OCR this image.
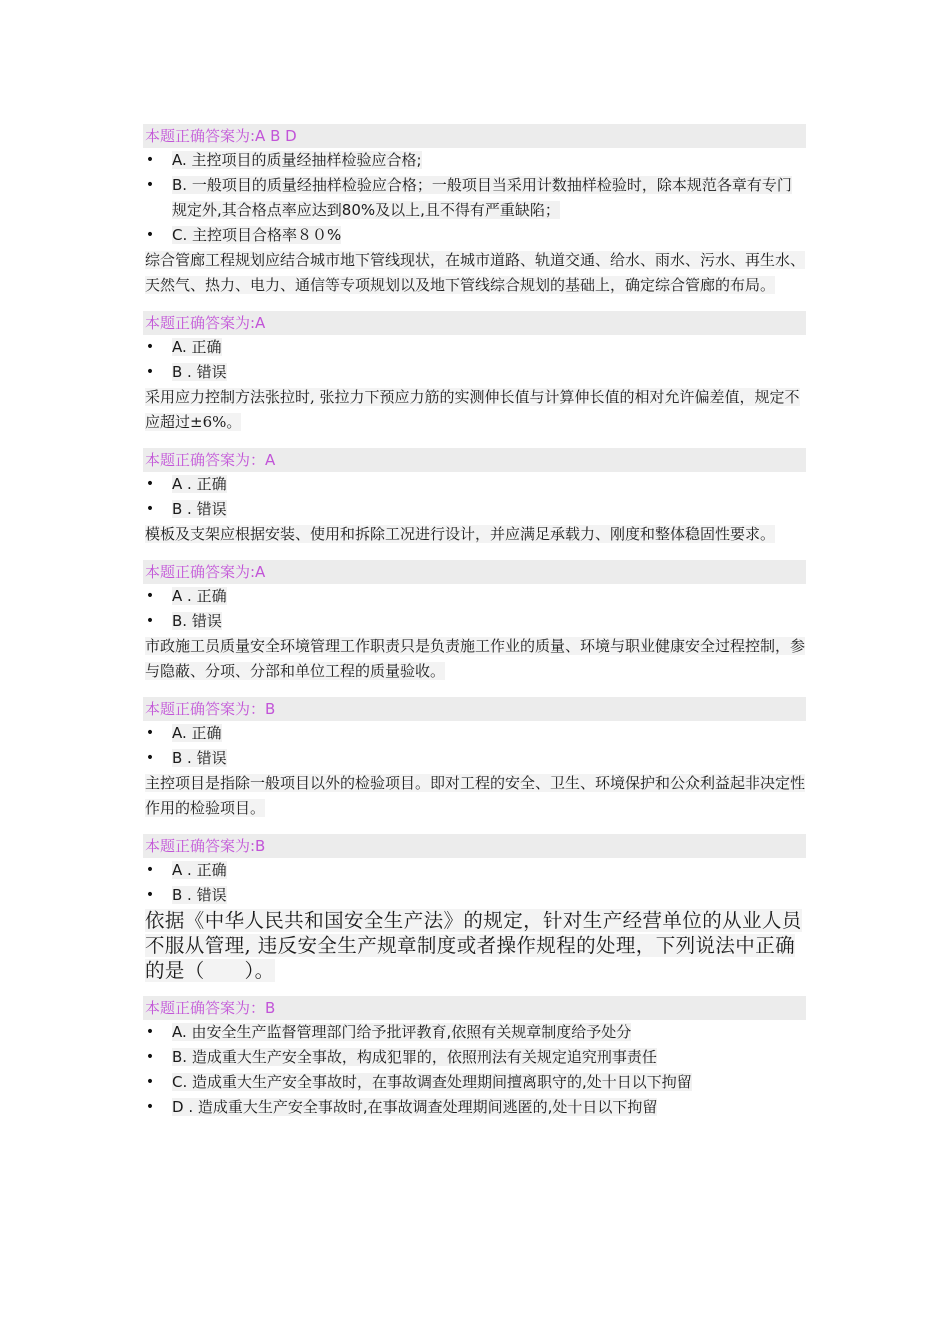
本题正确答案为:A B D
• A. 主控项目的质量经抽样检验应合格;
• B. 一般项目的质量经抽样检验应合格；一般项目当采用计数抽样检验时，除本规范各章有专门规定外,其合格点率应达到80%及以上,且不得有严重缺陷；
• C. 主控项目合格率８０%

综合管廊工程规划应结合城市地下管线现状，在城市道路、轨道交通、给水、雨水、污水、再生水、天然气、热力、电力、通信等专项规划以及地下管线综合规划的基础上，确定综合管廊的布局。

本题正确答案为:A
• A. 正确
• B . 错误

采用应力控制方法张拉时, 张拉力下预应力筋的实测伸长值与计算伸长值的相对允许偏差值，规定不应超过±6%。

本题正确答案为：A
• A . 正确
• B . 错误

模板及支架应根据安装、使用和拆除工况进行设计，并应满足承载力、刚度和整体稳固性要求。

本题正确答案为:A
• A . 正确
• B. 错误

市政施工员质量安全环境管理工作职责只是负责施工作业的质量、环境与职业健康安全过程控制，参与隐蔽、分项、分部和单位工程的质量验收。

本题正确答案为：B
• A. 正确
• B . 错误

主控项目是指除一般项目以外的检验项目。即对工程的安全、卫生、环境保护和公众利益起非决定性作用的检验项目。

本题正确答案为:B
• A . 正确
• B . 错误

依据《中华人民共和国安全生产法》的规定，针对生产经营单位的从业人员不服从管理, 违反安全生产规章制度或者操作规程的处理，下列说法中正确的是（　　）。

本题正确答案为：B
• A. 由安全生产监督管理部门给予批评教育,依照有关规章制度给予处分
• B. 造成重大生产安全事故，构成犯罪的，依照刑法有关规定追究刑事责任
• C. 造成重大生产安全事故时，在事故调查处理期间擅离职守的,处十日以下拘留
• D . 造成重大生产安全事故时,在事故调查处理期间逃匿的,处十日以下拘留
